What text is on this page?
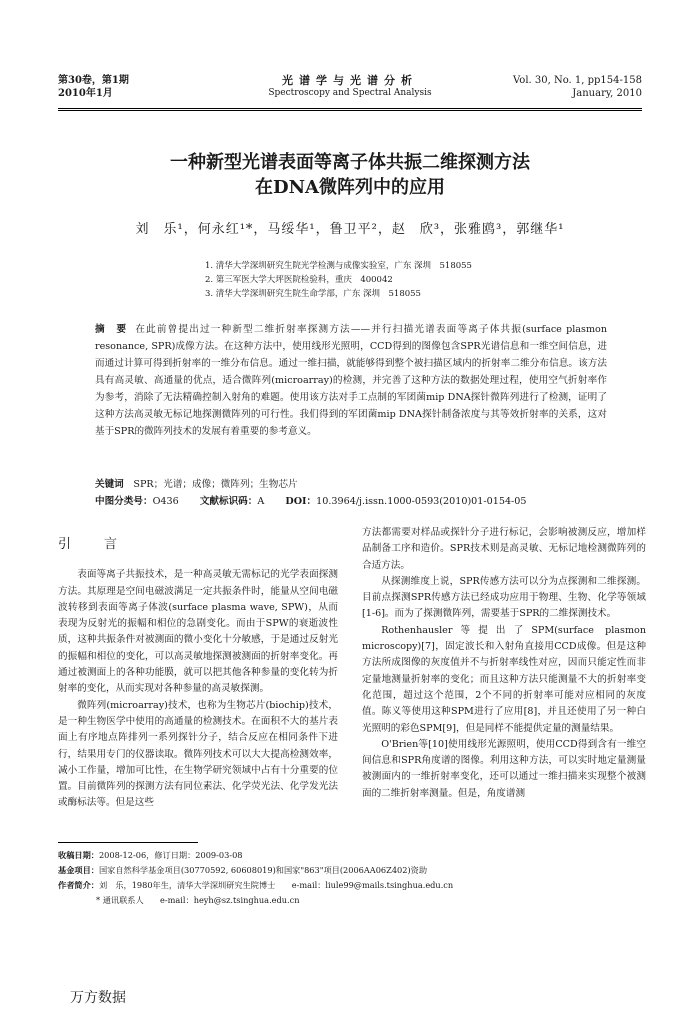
第30卷，第1期
2010年1月
光谱学与光谱分析
Spectroscopy and Spectral Analysis
Vol. 30, No. 1, pp154-158
January, 2010
一种新型光谱表面等离子体共振二维探测方法
在DNA微阵列中的应用
刘　乐¹，何永红¹*，马绥华¹，鲁卫平²，赵　欣³，张雅鸥³，郭继华¹
1. 清华大学深圳研究生院光学检测与成像实验室，广东 深圳　518055
2. 第三军医大学大坪医院检验科，重庆　400042
3. 清华大学深圳研究生院生命学部，广东 深圳　518055
摘　要 在此前曾提出过一种新型二维折射率探测方法——并行扫描光谱表面等离子体共振(surface plasmon resonance, SPR)成像方法。在这种方法中，使用线形光照明，CCD得到的图像包含SPR光谱信息和一维空间信息，进而通过计算可得到折射率的一维分布信息。通过一维扫描，就能够得到整个被扫描区域内的折射率二维分布信息。该方法具有高灵敏、高通量的优点，适合微阵列(microarray)的检测，并完善了这种方法的数据处理过程，使用空气折射率作为参考，消除了无法精确控制入射角的难题。使用该方法对手工点制的军团菌mip DNA探针微阵列进行了检测，证明了这种方法高灵敏无标记地探测微阵列的可行性。我们得到的军团菌mip DNA探针制备浓度与其等效折射率的关系，这对基于SPR的微阵列技术的发展有着重要的参考意义。
关键词　 SPR；光谱；成像；微阵列；生物芯片
中图分类号：O436 文献标识码：A DOI：10.3964/j.issn.1000-0593(2010)01-0154-05
引　言

表面等离子共振技术，是一种高灵敏无需标记的光学表面探测方法。其原理是空间电磁波满足一定共振条件时，能量从空间电磁波转移到表面等离子体波(surface plasma wave, SPW)，从而表现为反射光的振幅和相位的急剧变化。而由于SPW的衰逝波性质，这种共振条件对被测面的微小变化十分敏感，于是通过反射光的振幅和相位的变化，可以高灵敏地探测被测面的折射率变化。再通过被测面上的各种功能膜，就可以把其他各种参量的变化转为折射率的变化，从而实现对各种参量的高灵敏探测。

微阵列(microarray)技术，也称为生物芯片(biochip)技术，是一种生物医学中使用的高通量的检测技术。在面积不大的基片表面上有序地点阵排列一系列探针分子，结合反应在相同条件下进行，结果用专门的仪器读取。微阵列技术可以大大提高检测效率，减小工作量，增加可比性，在生物学研究领域中占有十分重要的位置。目前微阵列的探测方法有同位素法、化学荧光法、化学发光法或酶标法等。但是这些

方法都需要对样品或探针分子进行标记，会影响被测反应，增加样品制备工序和造价。SPR技术则是高灵敏、无标记地检测微阵列的合适方法。

从探测维度上说，SPR传感方法可以分为点探测和二维探测。目前点探测SPR传感方法已经成功应用于物理、生物、化学等领域[1-6]。而为了探测微阵列，需要基于SPR的二维探测技术。

Rothenhausler等提出了SPM(surface plasmon microscopy)[7]，固定波长和入射角直接用CCD成像。但是这种方法所成图像的灰度值并不与折射率线性对应，因而只能定性而非定量地测量折射率的变化；而且这种方法只能测量不大的折射率变化范围，超过这个范围，2个不同的折射率可能对应相同的灰度值。陈义等使用这种SPM进行了应用[8]，并且还使用了另一种白光照明的彩色SPM[9]，但是同样不能提供定量的测量结果。

O'Brien等[10]使用线形光源照明，使用CCD得到含有一维空间信息和SPR角度谱的图像。利用这种方法，可以实时地定量测量被测面内的一维折射率变化，还可以通过一维扫描来实现整个被测面的二维折射率测量。但是，角度谱测

收稿日期：2008-12-06，修订日期：2009-03-08
基金项目：国家自然科学基金项目(30770592, 60608019)和国家"863"项目(2006AA06Z402)资助
作者简介：刘　乐，1980年生，清华大学深圳研究生院博士　　e-mail：liule99@mails.tsinghua.edu.cn
* 通讯联系人　　e-mail：heyh@sz.tsinghua.edu.cn
万方数据
